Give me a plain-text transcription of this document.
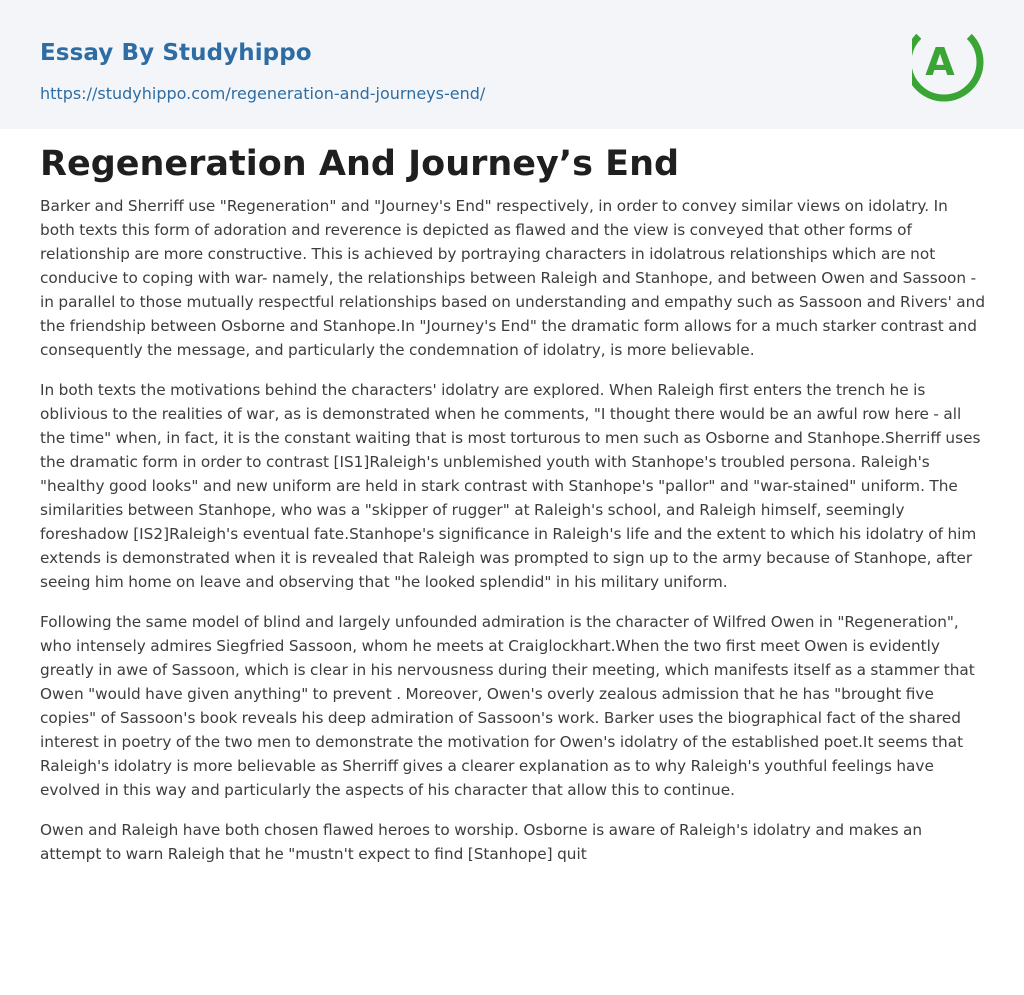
Essay By Studyhippo
https://studyhippo.com/regeneration-and-journeys-end/
A
Regeneration And Journey’s End

Barker and Sherriff use "Regeneration" and "Journey's End" respectively, in order to convey similar views on idolatry. In both texts this form of adoration and reverence is depicted as flawed and the view is conveyed that other forms of relationship are more constructive. This is achieved by portraying characters in idolatrous relationships which are not conducive to coping with war- namely, the relationships between Raleigh and Stanhope, and between Owen and Sassoon - in parallel to those mutually respectful relationships based on understanding and empathy such as Sassoon and Rivers' and the friendship between Osborne and Stanhope.In "Journey's End" the dramatic form allows for a much starker contrast and consequently the message, and particularly the condemnation of idolatry, is more believable.

In both texts the motivations behind the characters' idolatry are explored. When Raleigh first enters the trench he is oblivious to the realities of war, as is demonstrated when he comments, "I thought there would be an awful row here - all the time" when, in fact, it is the constant waiting that is most torturous to men such as Osborne and Stanhope.Sherriff uses the dramatic form in order to contrast [IS1]Raleigh's unblemished youth with Stanhope's troubled persona. Raleigh's "healthy good looks" and new uniform are held in stark contrast with Stanhope's "pallor" and "war-stained" uniform. The similarities between Stanhope, who was a "skipper of rugger" at Raleigh's school, and Raleigh himself, seemingly foreshadow [IS2]Raleigh's eventual fate.Stanhope's significance in Raleigh's life and the extent to which his idolatry of him extends is demonstrated when it is revealed that Raleigh was prompted to sign up to the army because of Stanhope, after seeing him home on leave and observing that "he looked splendid" in his military uniform.

Following the same model of blind and largely unfounded admiration is the character of Wilfred Owen in "Regeneration", who intensely admires Siegfried Sassoon, whom he meets at Craiglockhart.When the two first meet Owen is evidently greatly in awe of Sassoon, which is clear in his nervousness during their meeting, which manifests itself as a stammer that Owen "would have given anything" to prevent . Moreover, Owen's overly zealous admission that he has "brought five copies" of Sassoon's book reveals his deep admiration of Sassoon's work. Barker uses the biographical fact of the shared interest in poetry of the two men to demonstrate the motivation for Owen's idolatry of the established poet.It seems that Raleigh's idolatry is more believable as Sherriff gives a clearer explanation as to why Raleigh's youthful feelings have evolved in this way and particularly the aspects of his character that allow this to continue.

Owen and Raleigh have both chosen flawed heroes to worship. Osborne is aware of Raleigh's idolatry and makes an attempt to warn Raleigh that he "mustn't expect to find [Stanhope] quit
